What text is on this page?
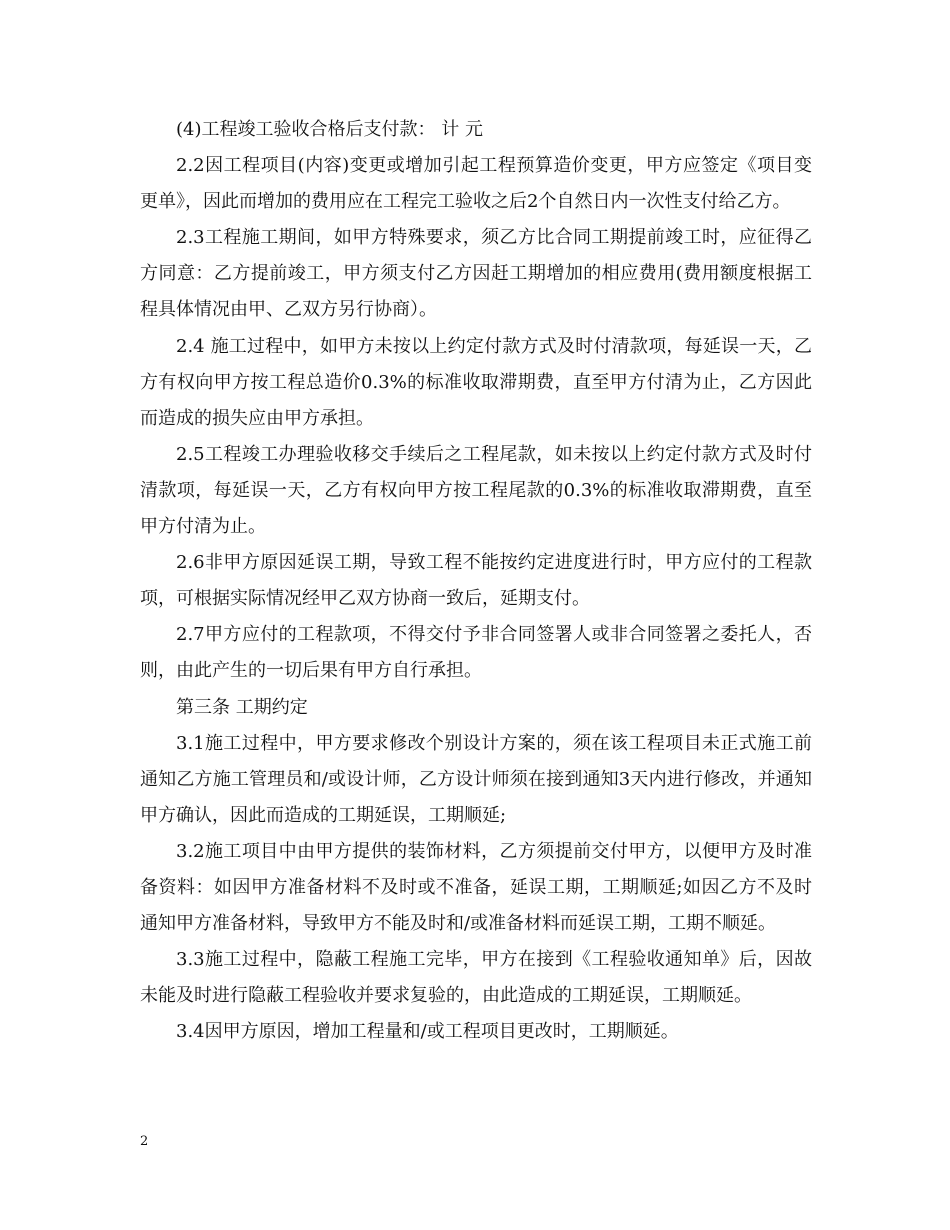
(4)工程竣工验收合格后支付款： 计 元

2.2因工程项目(内容)变更或增加引起工程预算造价变更，甲方应签定《项目变更单》，因此而增加的费用应在工程完工验收之后2个自然日内一次性支付给乙方。

2.3工程施工期间，如甲方特殊要求，须乙方比合同工期提前竣工时，应征得乙方同意：乙方提前竣工，甲方须支付乙方因赶工期增加的相应费用(费用额度根据工程具体情况由甲、乙双方另行协商）。

2.4 施工过程中，如甲方未按以上约定付款方式及时付清款项，每延误一天，乙方有权向甲方按工程总造价0.3%的标准收取滞期费，直至甲方付清为止，乙方因此而造成的损失应由甲方承担。

2.5工程竣工办理验收移交手续后之工程尾款，如未按以上约定付款方式及时付清款项，每延误一天，乙方有权向甲方按工程尾款的0.3%的标准收取滞期费，直至甲方付清为止。

2.6非甲方原因延误工期，导致工程不能按约定进度进行时，甲方应付的工程款项，可根据实际情况经甲乙双方协商一致后，延期支付。

2.7甲方应付的工程款项，不得交付予非合同签署人或非合同签署之委托人，否则，由此产生的一切后果有甲方自行承担。

第三条 工期约定

3.1施工过程中，甲方要求修改个别设计方案的，须在该工程项目未正式施工前通知乙方施工管理员和/或设计师，乙方设计师须在接到通知3天内进行修改，并通知甲方确认，因此而造成的工期延误，工期顺延;

3.2施工项目中由甲方提供的装饰材料，乙方须提前交付甲方，以便甲方及时准备资料：如因甲方准备材料不及时或不准备，延误工期，工期顺延;如因乙方不及时通知甲方准备材料，导致甲方不能及时和/或准备材料而延误工期，工期不顺延。

3.3施工过程中，隐蔽工程施工完毕，甲方在接到《工程验收通知单》后，因故未能及时进行隐蔽工程验收并要求复验的，由此造成的工期延误，工期顺延。

3.4因甲方原因，增加工程量和/或工程项目更改时，工期顺延。

2
